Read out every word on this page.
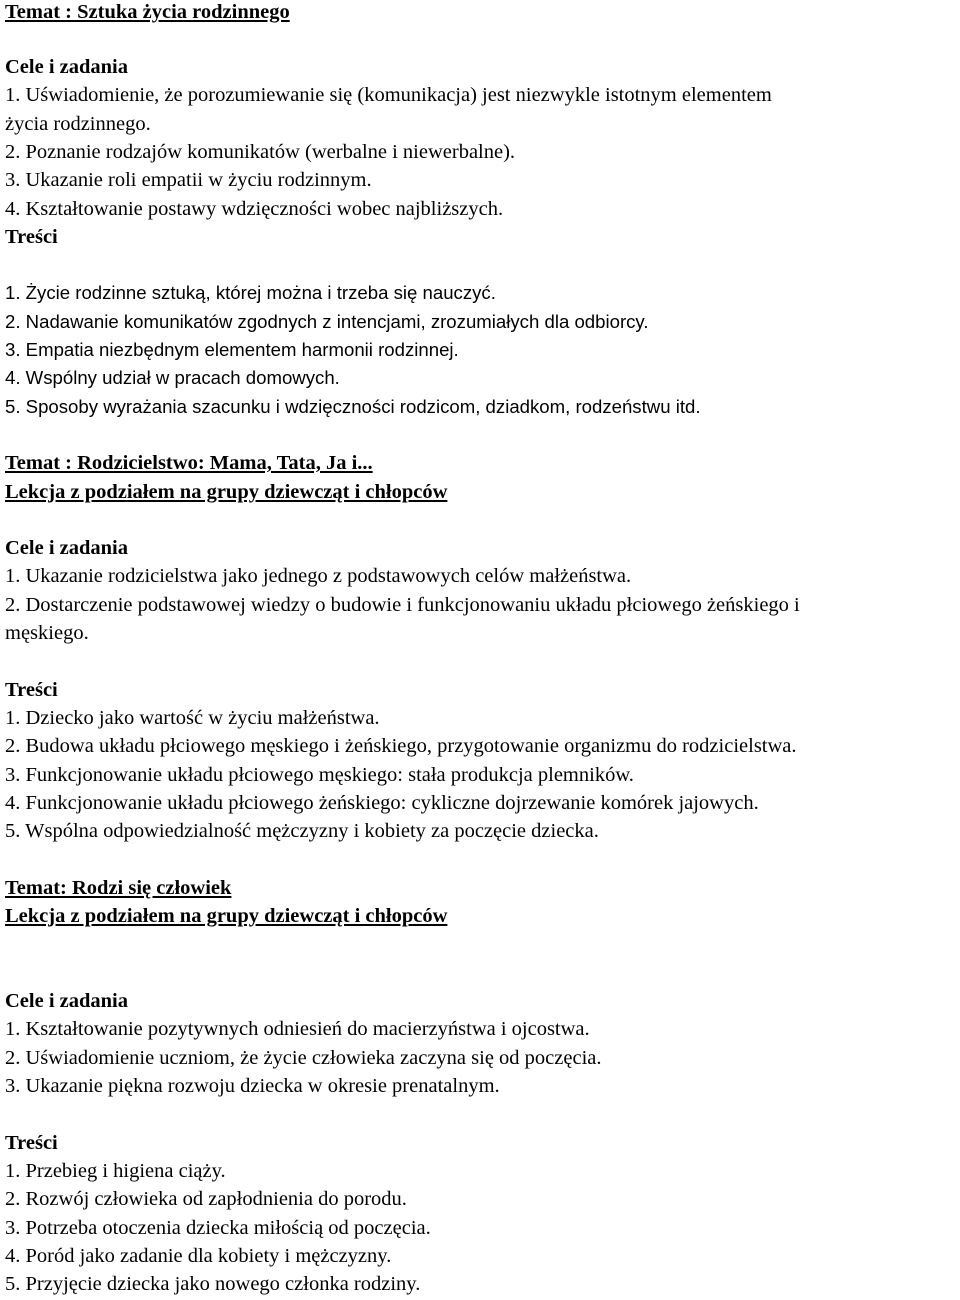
Temat : Sztuka życia rodzinnego
Cele i zadania
1. Uświadomienie, że porozumiewanie się (komunikacja) jest niezwykle istotnym elementem
życia rodzinnego.
2. Poznanie rodzajów komunikatów (werbalne i niewerbalne).
3. Ukazanie roli empatii w życiu rodzinnym.
4. Kształtowanie postawy wdzięczności wobec najbliższych.
Treści
1. Życie rodzinne sztuką, której można i trzeba się nauczyć.
2. Nadawanie komunikatów zgodnych z intencjami, zrozumiałych dla odbiorcy.
3. Empatia niezbędnym elementem harmonii rodzinnej.
4. Wspólny udział w pracach domowych.
5. Sposoby wyrażania szacunku i wdzięczności rodzicom, dziadkom, rodzeństwu itd.
Temat : Rodzicielstwo: Mama, Tata, Ja i...
Lekcja z podziałem na grupy dziewcząt i chłopców
Cele i zadania
1. Ukazanie rodzicielstwa jako jednego z podstawowych celów małżeństwa.
2. Dostarczenie podstawowej wiedzy o budowie i funkcjonowaniu układu płciowego żeńskiego i
męskiego.
Treści
1. Dziecko jako wartość w życiu małżeństwa.
2. Budowa układu płciowego męskiego i żeńskiego, przygotowanie organizmu do rodzicielstwa.
3. Funkcjonowanie układu płciowego męskiego: stała produkcja plemników.
4. Funkcjonowanie układu płciowego żeńskiego: cykliczne dojrzewanie komórek jajowych.
5. Wspólna odpowiedzialność mężczyzny i kobiety za poczęcie dziecka.
Temat: Rodzi się człowiek
Lekcja z podziałem na grupy dziewcząt i chłopców
Cele i zadania
1. Kształtowanie pozytywnych odniesień do macierzyństwa i ojcostwa.
2. Uświadomienie uczniom, że życie człowieka zaczyna się od poczęcia.
3. Ukazanie piękna rozwoju dziecka w okresie prenatalnym.
Treści
1. Przebieg i higiena ciąży.
2. Rozwój człowieka od zapłodnienia do porodu.
3. Potrzeba otoczenia dziecka miłością od poczęcia.
4. Poród jako zadanie dla kobiety i mężczyzny.
5. Przyjęcie dziecka jako nowego członka rodziny.
